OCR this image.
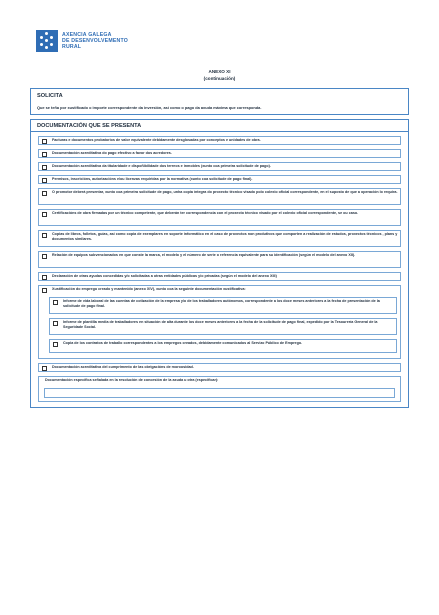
AXENCIA GALEGA
DE DESENVOLVEMENTO
RURAL
ANEXO XI
(continuación)
SOLICITA
Que se teña por xustificado o importe correspondente da inversión, así como o pago da axuda máxima que corresponda.
DOCUMENTACIÓN QUE SE PRESENTA
Facturas e documentos probatorios de valor equivalente debidamente desglosadas por conceptos e unidades de obra.
Documentación acreditativa do pago efectivo a favor dos acredores.
Documentación acreditativa da titularidade e dispoñibilidade dos terreos e inmobles (xunto coa primeira solicitude de pago).
Permisos, inscricións, autorizacións e/ou licenzas requiridas por la normativa (xunto coa solicitude de pago final).
O promotor deberá presentar, xunto coa primeira solicitude de pago, unha copia íntegra do proxecto técnico visado polo colexio oficial correspondente, en el suposto de que a operación lo requira.
Certificacións de obra firmadas por un técnico competente, que deberán ter correspondencia con el proxecto técnico visado por el colexio oficial correspondente, se ou caso.
Copias de libros, folletos, guías, así como copia de exemplares en soporte informático en el caso de proxectos non produtivos que comporten a realización de estudos, proxectos técnicos , plans y documentos similares.
Relación de equipos subvencionados en que conste la marca, el modelo y el número de serie o referencia equivalente para su identificación (según el modelo del anexo XII).
Declaración de otras ayudas concedidas y/o solicitadas a otras entidades públicas y/o privadas (según el modelo del anexo XIII)
Xustificación do emprego creado y mantenido (anexo XIV), xunto coa la seguinte documentación xustificativa:
Informe de vida laboral de las cuentas de cotización de la empresa y/o de los traballadores autónomos, correspondente a los doce meses anteriores a la fecha de presentación de la solicitude de pago final.
Informe de plantilla media de traballadores en situación de alta durante los doce meses anteriores a la fecha de la solicitude de pago final, expedido por la Tesourería General de la Seguridade Social.
Copia de los contratos de traballo correspondentes a los empregos creados, debidamente comunicados al Servizo Público de Emprego.
Documentación acreditativa del cumprimento de las obrigacións de moroosidad.
Documentación específica señalada en la resolución de concesión de la axuda u otra (especificar):
